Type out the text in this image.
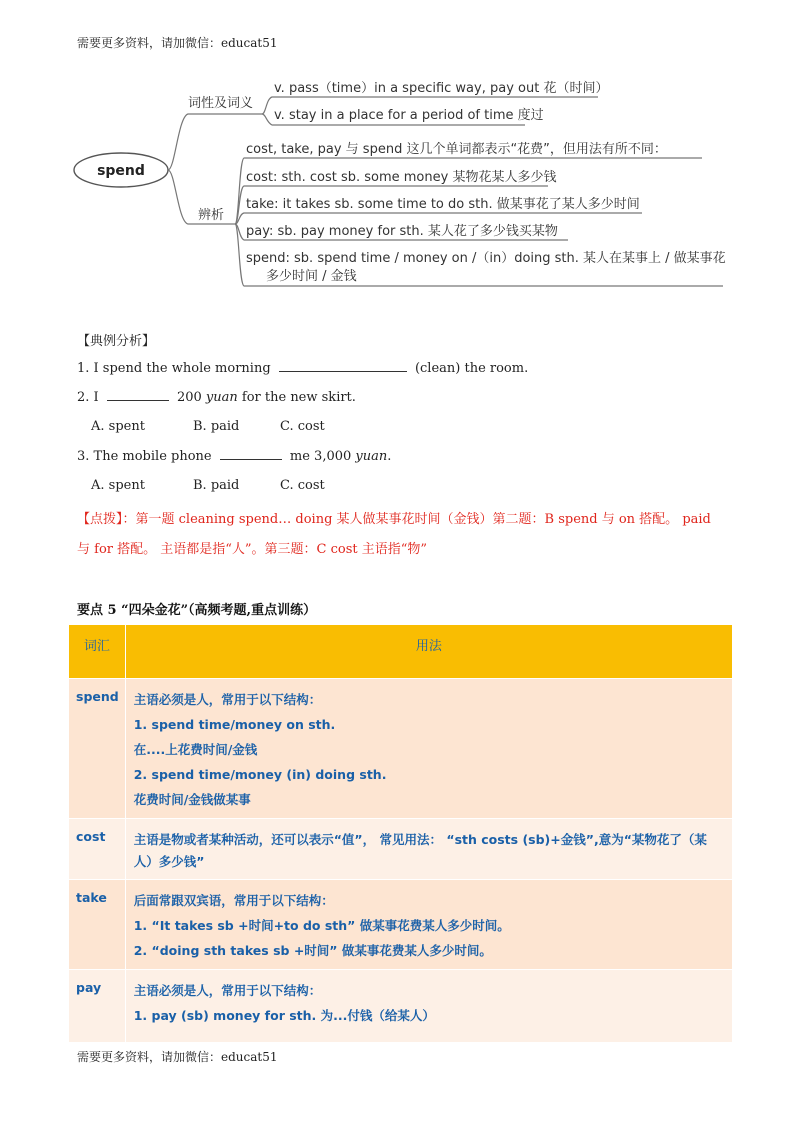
需要更多资料，请加微信：educat51
spend
词性及词义
v. pass（time）in a specific way, pay out 花（时间）
v. stay in a place for a period of time 度过
辨析
cost, take, pay 与 spend 这几个单词都表示“花费”，但用法有所不同：
cost: sth. cost sb. some money 某物花某人多少钱
take: it takes sb. some time to do sth. 做某事花了某人多少时间
pay: sb. pay money for sth. 某人花了多少钱买某物
spend: sb. spend time / money on /（in）doing sth. 某人在某事上 / 做某事花
多少时间 / 金钱
【典例分析】
1. I spend the whole morning	(clean) the room.
2. I	200 yuan for the new skirt.
A. spent	B. paid	C. cost
3. The mobile phone	me 3,000 yuan.
A. spent	B. paid	C. cost
【点拨】：第一题 cleaning spend… doing 某人做某事花时间（金钱）第二题：B spend 与 on 搭配。 paid
与 for 搭配。 主语都是指“人”。第三题：C cost 主语指“物”
要点 5 “四朵金花”（高频考题,重点训练）
词汇	用法
spend	主语必须是人，常用于以下结构：
1. spend time/money on sth.
在....上花费时间/金钱
2. spend time/money (in) doing sth.
花费时间/金钱做某事

cost	主语是物或者某种活动，还可以表示“值”， 常见用法： “sth costs (sb)+金钱”,意为“某物花了（某人）多少钱”

take	后面常跟双宾语，常用于以下结构：
1. “It takes sb +时间+to do sth” 做某事花费某人多少时间。
2. “doing sth takes sb +时间” 做某事花费某人多少时间。

pay	主语必须是人，常用于以下结构：
1. pay (sb) money for sth. 为...付钱（给某人）
需要更多资料，请加微信：educat51
